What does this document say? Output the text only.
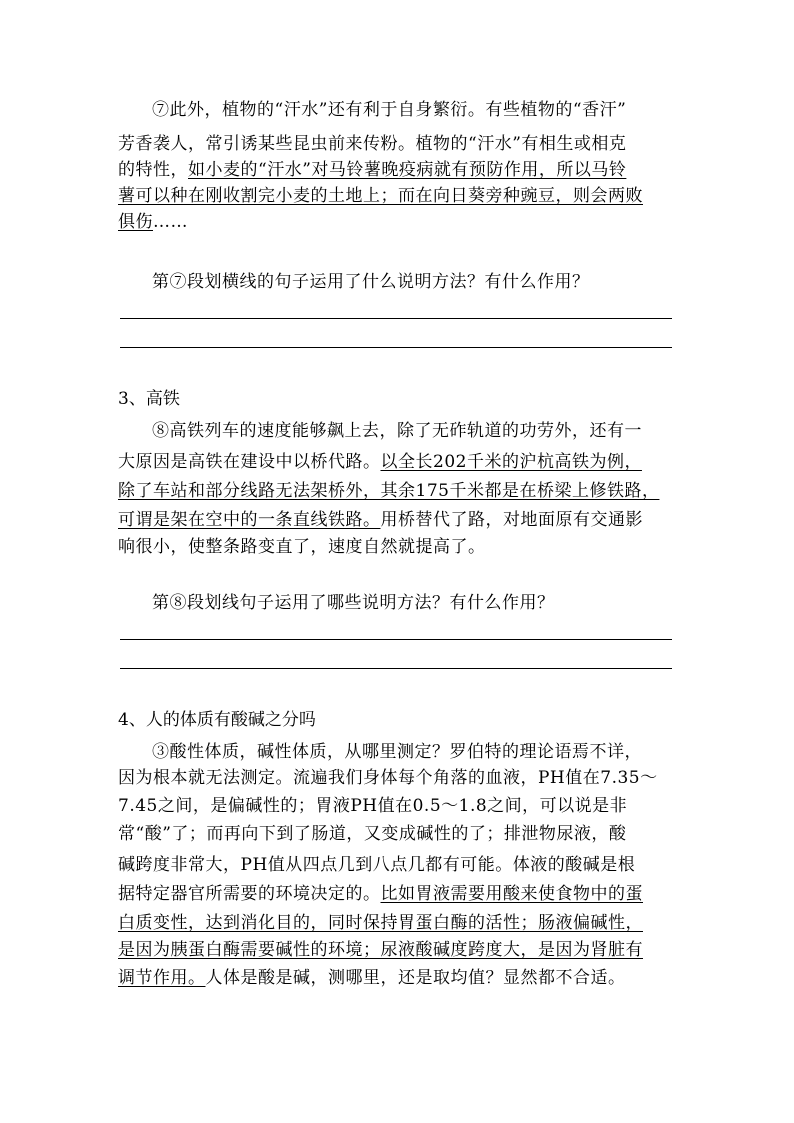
⑦此外，植物的“汗水”还有利于自身繁衍。有些植物的“香汗”
芳香袭人，常引诱某些昆虫前来传粉。植物的“汗水”有相生或相克
的特性，如小麦的“汗水”对马铃薯晚疫病就有预防作用，所以马铃
薯可以种在刚收割完小麦的土地上；而在向日葵旁种豌豆，则会两败
俱伤……
第⑦段划横线的句子运用了什么说明方法？有什么作用？
3、高铁
⑧高铁列车的速度能够飙上去，除了无砟轨道的功劳外，还有一
大原因是高铁在建设中以桥代路。以全长202千米的沪杭高铁为例，
除了车站和部分线路无法架桥外，其余175千米都是在桥梁上修铁路，
可谓是架在空中的一条直线铁路。用桥替代了路，对地面原有交通影
响很小，使整条路变直了，速度自然就提高了。
第⑧段划线句子运用了哪些说明方法？有什么作用？
4、人的体质有酸碱之分吗
③酸性体质，碱性体质，从哪里测定？罗伯特的理论语焉不详，
因为根本就无法测定。流遍我们身体每个角落的血液，PH值在7.35～
7.45之间，是偏碱性的；胃液PH值在0.5～1.8之间，可以说是非
常“酸”了；而再向下到了肠道，又变成碱性的了；排泄物尿液，酸
碱跨度非常大，PH值从四点几到八点几都有可能。体液的酸碱是根
据特定器官所需要的环境决定的。比如胃液需要用酸来使食物中的蛋
白质变性，达到消化目的，同时保持胃蛋白酶的活性；肠液偏碱性，
是因为胰蛋白酶需要碱性的环境；尿液酸碱度跨度大，是因为肾脏有
调节作用。人体是酸是碱，测哪里，还是取均值？显然都不合适。
